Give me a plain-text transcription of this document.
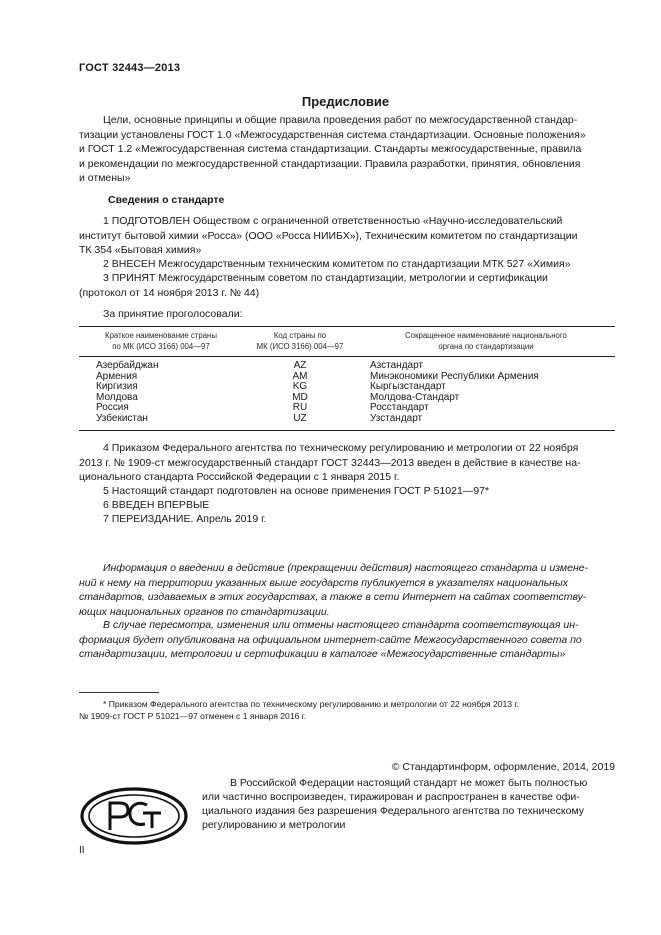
ГОСТ 32443—2013
Предисловие
Цели, основные принципы и общие правила проведения работ по межгосударственной стандар-
тизации установлены ГОСТ 1.0 «Межгосударственная система стандартизации. Основные положения»
и ГОСТ 1.2 «Межгосударственная система стандартизации. Стандарты межгосударственные, правила
и рекомендации по межгосударственной стандартизации. Правила разработки, принятия, обновления
и отмены»
Сведения о стандарте
1 ПОДГОТОВЛЕН Обществом с ограниченной ответственностью «Научно-исследовательский
институт бытовой химии «Росса» (ООО «Росса НИИБХ»), Техническим комитетом по стандартизации
ТК 354 «Бытовая химия»
2 ВНЕСЕН Межгосударственным техническим комитетом по стандартизации МТК 527 «Химия»
3 ПРИНЯТ Межгосударственным советом по стандартизации, метрологии и сертификации
(протокол от 14 ноября 2013 г. № 44)
За принятие проголосовали:
Краткое наименование страны
по МК (ИСО 3166) 004—97
Код страны по
МК (ИСО 3166) 004—97
Сокращенное наименование национального
органа по стандартизации
Азербайджан
Армения
Киргизия
Молдова
Россия
Узбекистан
AZ
AM
KG
MD
RU
UZ
Азстандарт
Минэкономики Республики Армения
Кыргызстандарт
Молдова-Стандарт
Росстандарт
Узстандарт
4 Приказом Федерального агентства по техническому регулированию и метрологии от 22 ноября
2013 г. № 1909-ст межгосударственный стандарт ГОСТ 32443—2013 введен в действие в качестве на-
ционального стандарта Российской Федерации с 1 января 2015 г.
5 Настоящий стандарт подготовлен на основе применения ГОСТ Р 51021—97*
6 ВВЕДЕН ВПЕРВЫЕ
7 ПЕРЕИЗДАНИЕ. Апрель 2019 г.
Информация о введении в действие (прекращении действия) настоящего стандарта и измене-
ний к нему на территории указанных выше государств публикуется в указателях национальных
стандартов, издаваемых в этих государствах, а также в сети Интернет на сайтах соответству-
ющих национальных органов по стандартизации.
В случае пересмотра, изменения или отмены настоящего стандарта соответствующая ин-
формация будет опубликована на официальном интернет-сайте Межгосударственного совета по
стандартизации, метрологии и сертификации в каталоге «Межгосударственные стандарты»
* Приказом Федерального агентства по техническому регулированию и метрологии от 22 ноября 2013 г.
№ 1909-ст ГОСТ Р 51021—97 отменен с 1 января 2016 г.
© Стандартинформ, оформление, 2014, 2019
В Российской Федерации настоящий стандарт не может быть полностью
или частично воспроизведен, тиражирован и распространен в качестве офи-
циального издания без разрешения Федерального агентства по техническому
регулированию и метрологии
II
